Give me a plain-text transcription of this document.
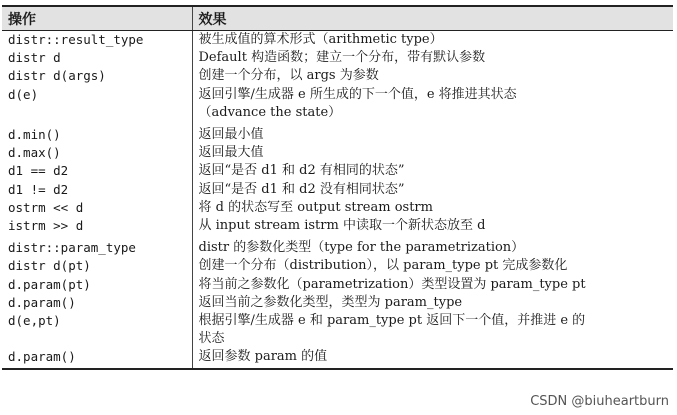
操作	效果
distr::result_type	被生成值的算术形式（arithmetic type）
distr d	Default 构造函数；建立一个分布，带有默认参数
distr d(args)	创建一个分布，以 args 为参数
d(e)	返回引擎/生成器 e 所生成的下一个值，e 将推进其状态
	（advance the state）
d.min()	返回最小值
d.max()	返回最大值
d1 == d2	返回“是否 d1 和 d2 有相同的状态”
d1 != d2	返回“是否 d1 和 d2 没有相同状态”
ostrm << d	将 d 的状态写至 output stream ostrm
istrm >> d	从 input stream istrm 中读取一个新状态放至 d
distr::param_type	distr 的参数化类型（type for the parametrization）
distr d(pt)	创建一个分布（distribution），以 param_type pt 完成参数化
d.param(pt)	将当前之参数化（parametrization）类型设置为 param_type pt
d.param()	返回当前之参数化类型，类型为 param_type
d(e,pt)	根据引擎/生成器 e 和 param_type pt 返回下一个值，并推进 e 的
	状态
d.param()	返回参数 param 的值
CSDN @biuheartburn
